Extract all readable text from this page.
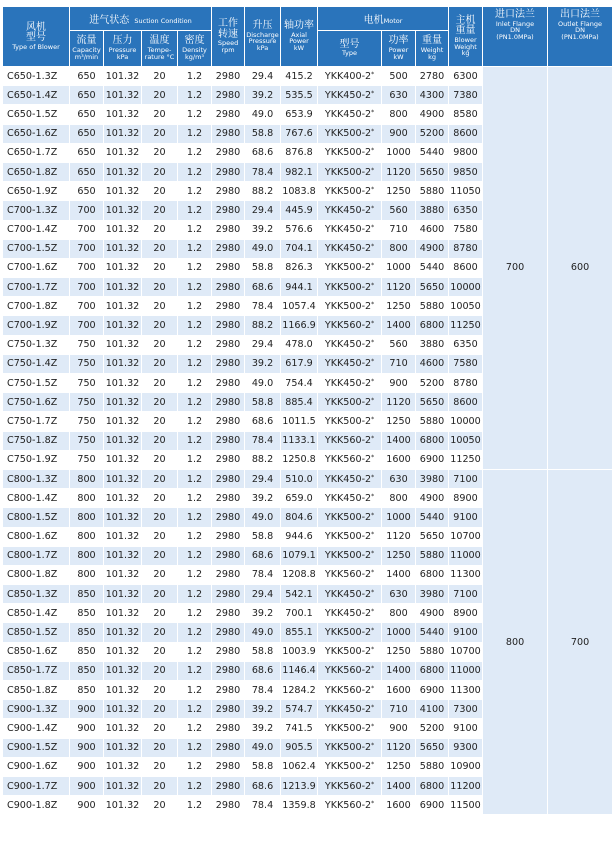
风机
型号
Type of Blower	进气状态 Suction Condition				工作
转速
Speed
rpm	升压
Discharge
Pressure
kPa	轴功率
Axial
Power
kW	电机Motor			主机
重量
Blower
Weight
kg	进口法兰
Inlet Flange
DN
(PN1.0MPa)	出口法兰
Outlet Flange
DN
(PN1.0MPa)

	流量
Capacity
m³/min	压力
Pressure
kPa	温度
Tempe-
rature °C	密度
Density
kg/m³				型号
Type	功率
Power
kW	重量
Weight
kg			

C650-1.3Z	650	101.32	20	1.2	2980	29.4	415.2	YKK400-2*	500	2780	6300	700	600
C650-1.4Z	650	101.32	20	1.2	2980	39.2	535.5	YKK450-2*	630	4300	7380		
C650-1.5Z	650	101.32	20	1.2	2980	49.0	653.9	YKK450-2*	800	4900	8580		
C650-1.6Z	650	101.32	20	1.2	2980	58.8	767.6	YKK500-2*	900	5200	8600		
C650-1.7Z	650	101.32	20	1.2	2980	68.6	876.8	YKK500-2*	1000	5440	9800		
C650-1.8Z	650	101.32	20	1.2	2980	78.4	982.1	YKK500-2*	1120	5650	9850		
C650-1.9Z	650	101.32	20	1.2	2980	88.2	1083.8	YKK500-2*	1250	5880	11050		
C700-1.3Z	700	101.32	20	1.2	2980	29.4	445.9	YKK450-2*	560	3880	6350		
C700-1.4Z	700	101.32	20	1.2	2980	39.2	576.6	YKK450-2*	710	4600	7580		
C700-1.5Z	700	101.32	20	1.2	2980	49.0	704.1	YKK450-2*	800	4900	8780		
C700-1.6Z	700	101.32	20	1.2	2980	58.8	826.3	YKK500-2*	1000	5440	8600		
C700-1.7Z	700	101.32	20	1.2	2980	68.6	944.1	YKK500-2*	1120	5650	10000		
C700-1.8Z	700	101.32	20	1.2	2980	78.4	1057.4	YKK500-2*	1250	5880	10050		
C700-1.9Z	700	101.32	20	1.2	2980	88.2	1166.9	YKK560-2*	1400	6800	11250		
C750-1.3Z	750	101.32	20	1.2	2980	29.4	478.0	YKK450-2*	560	3880	6350		
C750-1.4Z	750	101.32	20	1.2	2980	39.2	617.9	YKK450-2*	710	4600	7580		
C750-1.5Z	750	101.32	20	1.2	2980	49.0	754.4	YKK450-2*	900	5200	8780		
C750-1.6Z	750	101.32	20	1.2	2980	58.8	885.4	YKK500-2*	1120	5650	8600		
C750-1.7Z	750	101.32	20	1.2	2980	68.6	1011.5	YKK500-2*	1250	5880	10000		
C750-1.8Z	750	101.32	20	1.2	2980	78.4	1133.1	YKK560-2*	1400	6800	10050		
C750-1.9Z	750	101.32	20	1.2	2980	88.2	1250.8	YKK560-2*	1600	6900	11250		
C800-1.3Z	800	101.32	20	1.2	2980	29.4	510.0	YKK450-2*	630	3980	7100	800	700
C800-1.4Z	800	101.32	20	1.2	2980	39.2	659.0	YKK450-2*	800	4900	8900		
C800-1.5Z	800	101.32	20	1.2	2980	49.0	804.6	YKK500-2*	1000	5440	9100		
C800-1.6Z	800	101.32	20	1.2	2980	58.8	944.6	YKK500-2*	1120	5650	10700		
C800-1.7Z	800	101.32	20	1.2	2980	68.6	1079.1	YKK500-2*	1250	5880	11000		
C800-1.8Z	800	101.32	20	1.2	2980	78.4	1208.8	YKK560-2*	1400	6800	11300		
C850-1.3Z	850	101.32	20	1.2	2980	29.4	542.1	YKK450-2*	630	3980	7100		
C850-1.4Z	850	101.32	20	1.2	2980	39.2	700.1	YKK450-2*	800	4900	8900		
C850-1.5Z	850	101.32	20	1.2	2980	49.0	855.1	YKK500-2*	1000	5440	9100		
C850-1.6Z	850	101.32	20	1.2	2980	58.8	1003.9	YKK500-2*	1250	5880	10700		
C850-1.7Z	850	101.32	20	1.2	2980	68.6	1146.4	YKK560-2*	1400	6800	11000		
C850-1.8Z	850	101.32	20	1.2	2980	78.4	1284.2	YKK560-2*	1600	6900	11300		
C900-1.3Z	900	101.32	20	1.2	2980	39.2	574.7	YKK450-2*	710	4100	7300		
C900-1.4Z	900	101.32	20	1.2	2980	39.2	741.5	YKK500-2*	900	5200	9100		
C900-1.5Z	900	101.32	20	1.2	2980	49.0	905.5	YKK500-2*	1120	5650	9300		
C900-1.6Z	900	101.32	20	1.2	2980	58.8	1062.4	YKK500-2*	1250	5880	10900		
C900-1.7Z	900	101.32	20	1.2	2980	68.6	1213.9	YKK560-2*	1400	6800	11200		
C900-1.8Z	900	101.32	20	1.2	2980	78.4	1359.8	YKK560-2*	1600	6900	11500		
